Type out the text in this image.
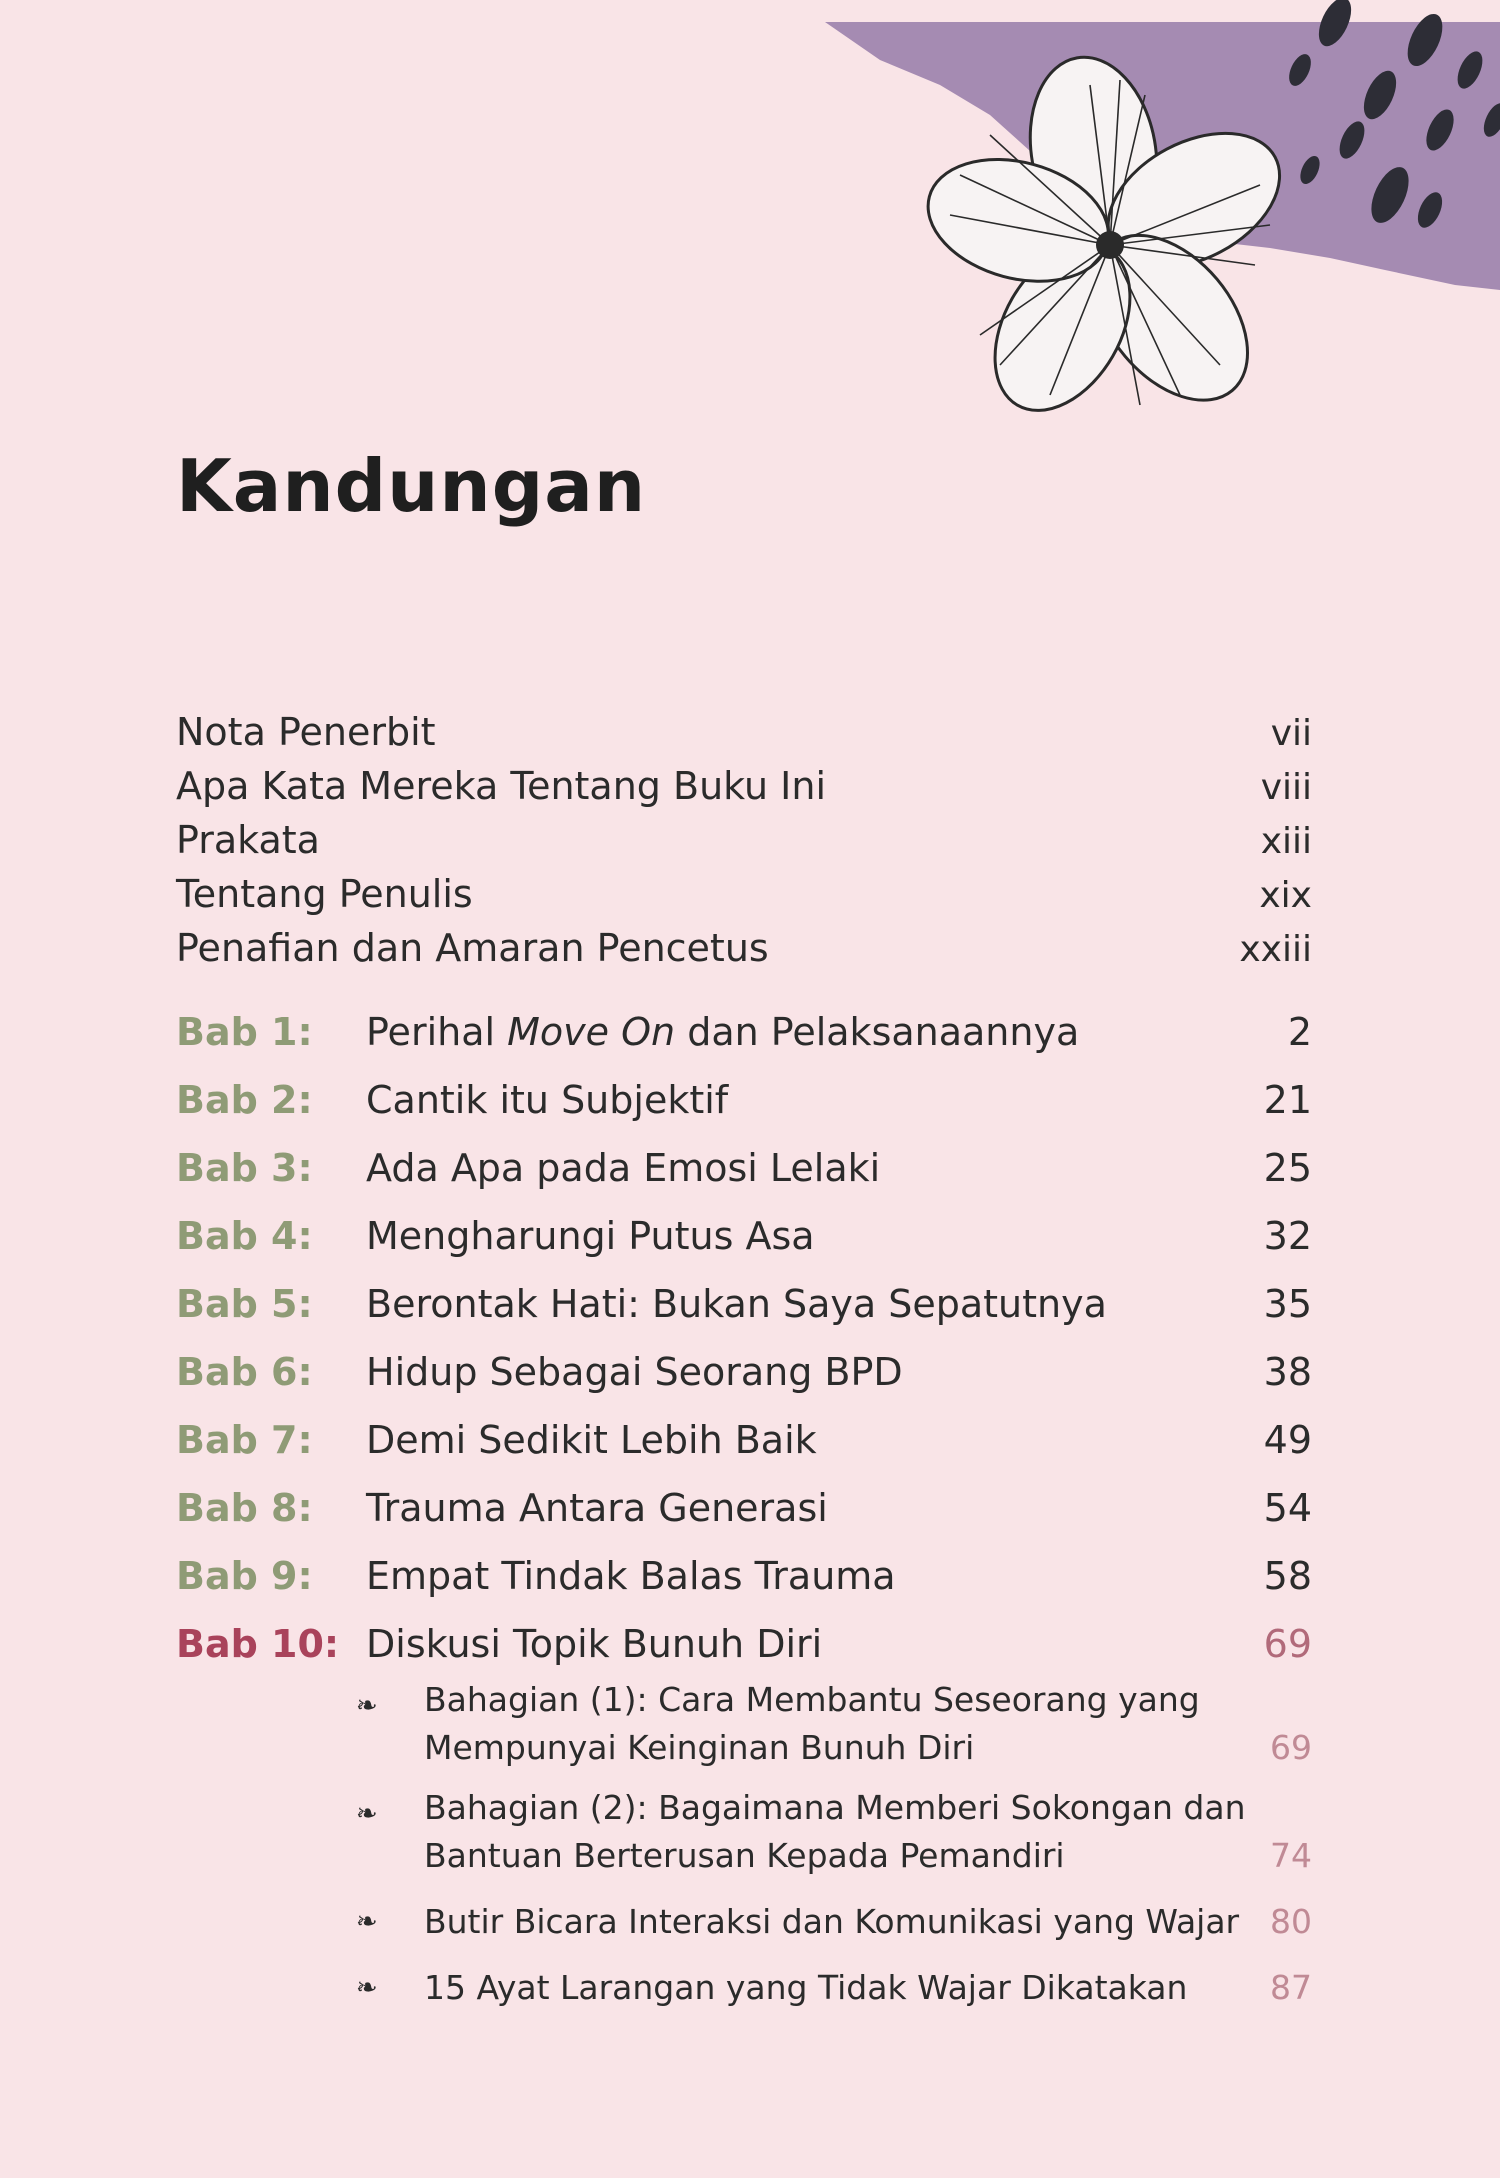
Kandungan
Nota Penerbit	vii
Apa Kata Mereka Tentang Buku Ini	viii
Prakata	xiii
Tentang Penulis	xix
Penafian dan Amaran Pencetus	xxiii
Bab 1:	Perihal Move On dan Pelaksanaannya	2
Bab 2:	Cantik itu Subjektif	21
Bab 3:	Ada Apa pada Emosi Lelaki	25
Bab 4:	Mengharungi Putus Asa	32
Bab 5:	Berontak Hati: Bukan Saya Sepatutnya	35
Bab 6:	Hidup Sebagai Seorang BPD	38
Bab 7:	Demi Sedikit Lebih Baik	49
Bab 8:	Trauma Antara Generasi	54
Bab 9:	Empat Tindak Balas Trauma	58
Bab 10: Diskusi Topik Bunuh Diri	69
❧	Bahagian (1): Cara Membantu Seseorang yang
Mempunyai Keinginan Bunuh Diri	69
❧	Bahagian (2): Bagaimana Memberi Sokongan dan
Bantuan Berterusan Kepada Pemandiri	74
❧	Butir Bicara Interaksi dan Komunikasi yang Wajar 80
❧	15 Ayat Larangan yang Tidak Wajar Dikatakan	87
